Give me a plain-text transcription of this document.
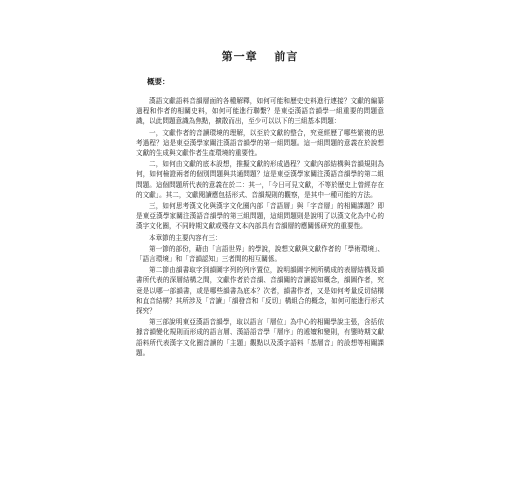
第一章 前言
概要：

漢語文獻語料音韻層面的各種解釋，如何可能和歷史史料進行連接？文獻的編纂過程和作者的相關史料，如何可能進行聯繫？是東亞漢語音韻學一組重要的問題意識，以此問題意識為焦點，擴散而出，至少可以以下的三組基本問題：

一，文獻作者的音讀環境的理解，以至於文獻的整合，究竟經歷了哪些繁複的思考過程？這是東亞漢學家關注漢語音韻學的第一組問題。這一組問題的意義在於說想文獻的生成與文獻作者生產環境的重要性。

二，如何由文獻的底本設想，推擬文獻的形成過程？文獻內部結構與音韻規則為何，如何檢證兩者的個別問題與共通問題？這是東亞漢學家關注漢語音韻學的第二組問題。這個問題所代表的意義在於二：其一，「今日可見文獻，不等於歷史上曾經存在的文獻」。其二，文獻閱讀應包括形式、音韻規則的觀察，是其中一種可能的方法。

三，如何思考漢文化與漢字文化圈內部「音語層」與「字音層」的相關課題？即是東亞漢學家關注漢語音韻學的第三組問題，這組問題則是說明了以漢文化為中心的漢字文化圈，不同時期文獻或殘存文本內部具有音韻層的應關係研究的重要性。

本章節的主要內容有三：

第一節的部份，藉由「言語世界」的學說，說想文獻與文獻作者的「學術環境」、「語言環境」和「音韻認知」三者間的相互關係。

第二節由韻書取字到韻圖字列的列序置位，說明韻圖字例所構成的表層結構及韻書所代表的深層結構之間，文獻作者於音韻、音韻關的音讀認知概念，韻圖作者，究竟是以哪一部韻書，或是哪些韻書為底本？次者，韻書作者，又是如何考量反切結構和直音結構？其所涉及「音讀」「韻發音和「反切」構組合的概念，如何可能進行形式探究？

第三部說明東亞漢語音韻學，取以語言「層位」為中心的相關學說主張，含括依據音韻變化規則而形成的語言層、漢語語音學「層序」的遞嬗和變則，有鑒時期文獻語料所代表漢字文化圈音讀的「主題」觀點以及漢字語料「基層音」的設想等相關課題。
